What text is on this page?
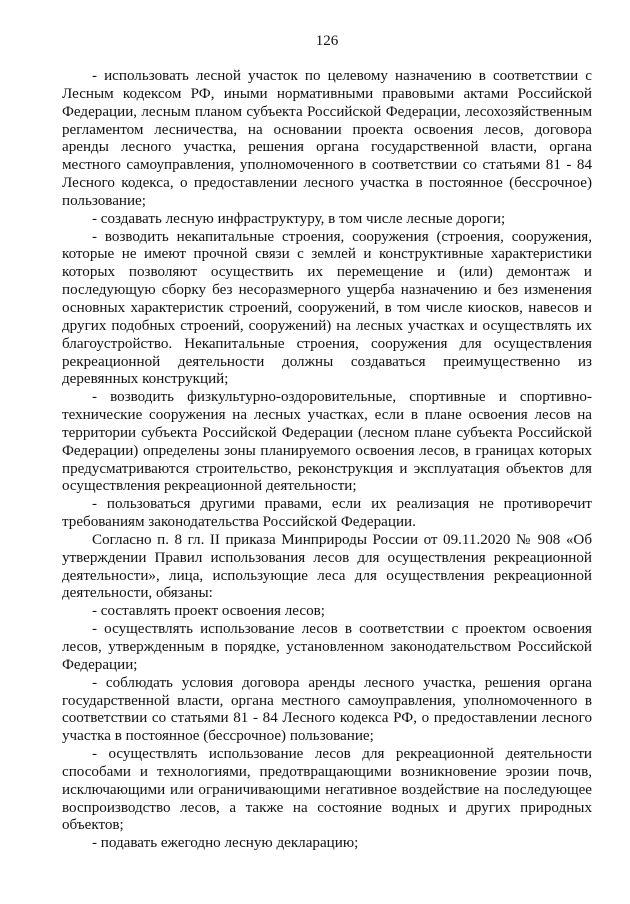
126

- использовать лесной участок по целевому назначению в соответствии с Лесным кодексом РФ, иными нормативными правовыми актами Российской Федерации, лесным планом субъекта Российской Федерации, лесохозяйственным регламентом лесничества, на основании проекта освоения лесов, договора аренды лесного участка, решения органа государственной власти, органа местного самоуправления, уполномоченного в соответствии со статьями 81 - 84 Лесного кодекса, о предоставлении лесного участка в постоянное (бессрочное) пользование;

- создавать лесную инфраструктуру, в том числе лесные дороги;

- возводить некапитальные строения, сооружения (строения, сооружения, которые не имеют прочной связи с землей и конструктивные характеристики которых позволяют осуществить их перемещение и (или) демонтаж и последующую сборку без несоразмерного ущерба назначению и без изменения основных характеристик строений, сооружений, в том числе киосков, навесов и других подобных строений, сооружений) на лесных участках и осуществлять их благоустройство. Некапитальные строения, сооружения для осуществления рекреационной деятельности должны создаваться преимущественно из деревянных конструкций;

- возводить физкультурно-оздоровительные, спортивные и спортивно-технические сооружения на лесных участках, если в плане освоения лесов на территории субъекта Российской Федерации (лесном плане субъекта Российской Федерации) определены зоны планируемого освоения лесов, в границах которых предусматриваются строительство, реконструкция и эксплуатация объектов для осуществления рекреационной деятельности;

- пользоваться другими правами, если их реализация не противоречит требованиям законодательства Российской Федерации.

Согласно п. 8 гл. II приказа Минприроды России от 09.11.2020 № 908 «Об утверждении Правил использования лесов для осуществления рекреационной деятельности», лица, использующие леса для осуществления рекреационной деятельности, обязаны:

- составлять проект освоения лесов;

- осуществлять использование лесов в соответствии с проектом освоения лесов, утвержденным в порядке, установленном законодательством Российской Федерации;

- соблюдать условия договора аренды лесного участка, решения органа государственной власти, органа местного самоуправления, уполномоченного в соответствии со статьями 81 - 84 Лесного кодекса РФ, о предоставлении лесного участка в постоянное (бессрочное) пользование;

- осуществлять использование лесов для рекреационной деятельности способами и технологиями, предотвращающими возникновение эрозии почв, исключающими или ограничивающими негативное воздействие на последующее воспроизводство лесов, а также на состояние водных и других природных объектов;

- подавать ежегодно лесную декларацию;
